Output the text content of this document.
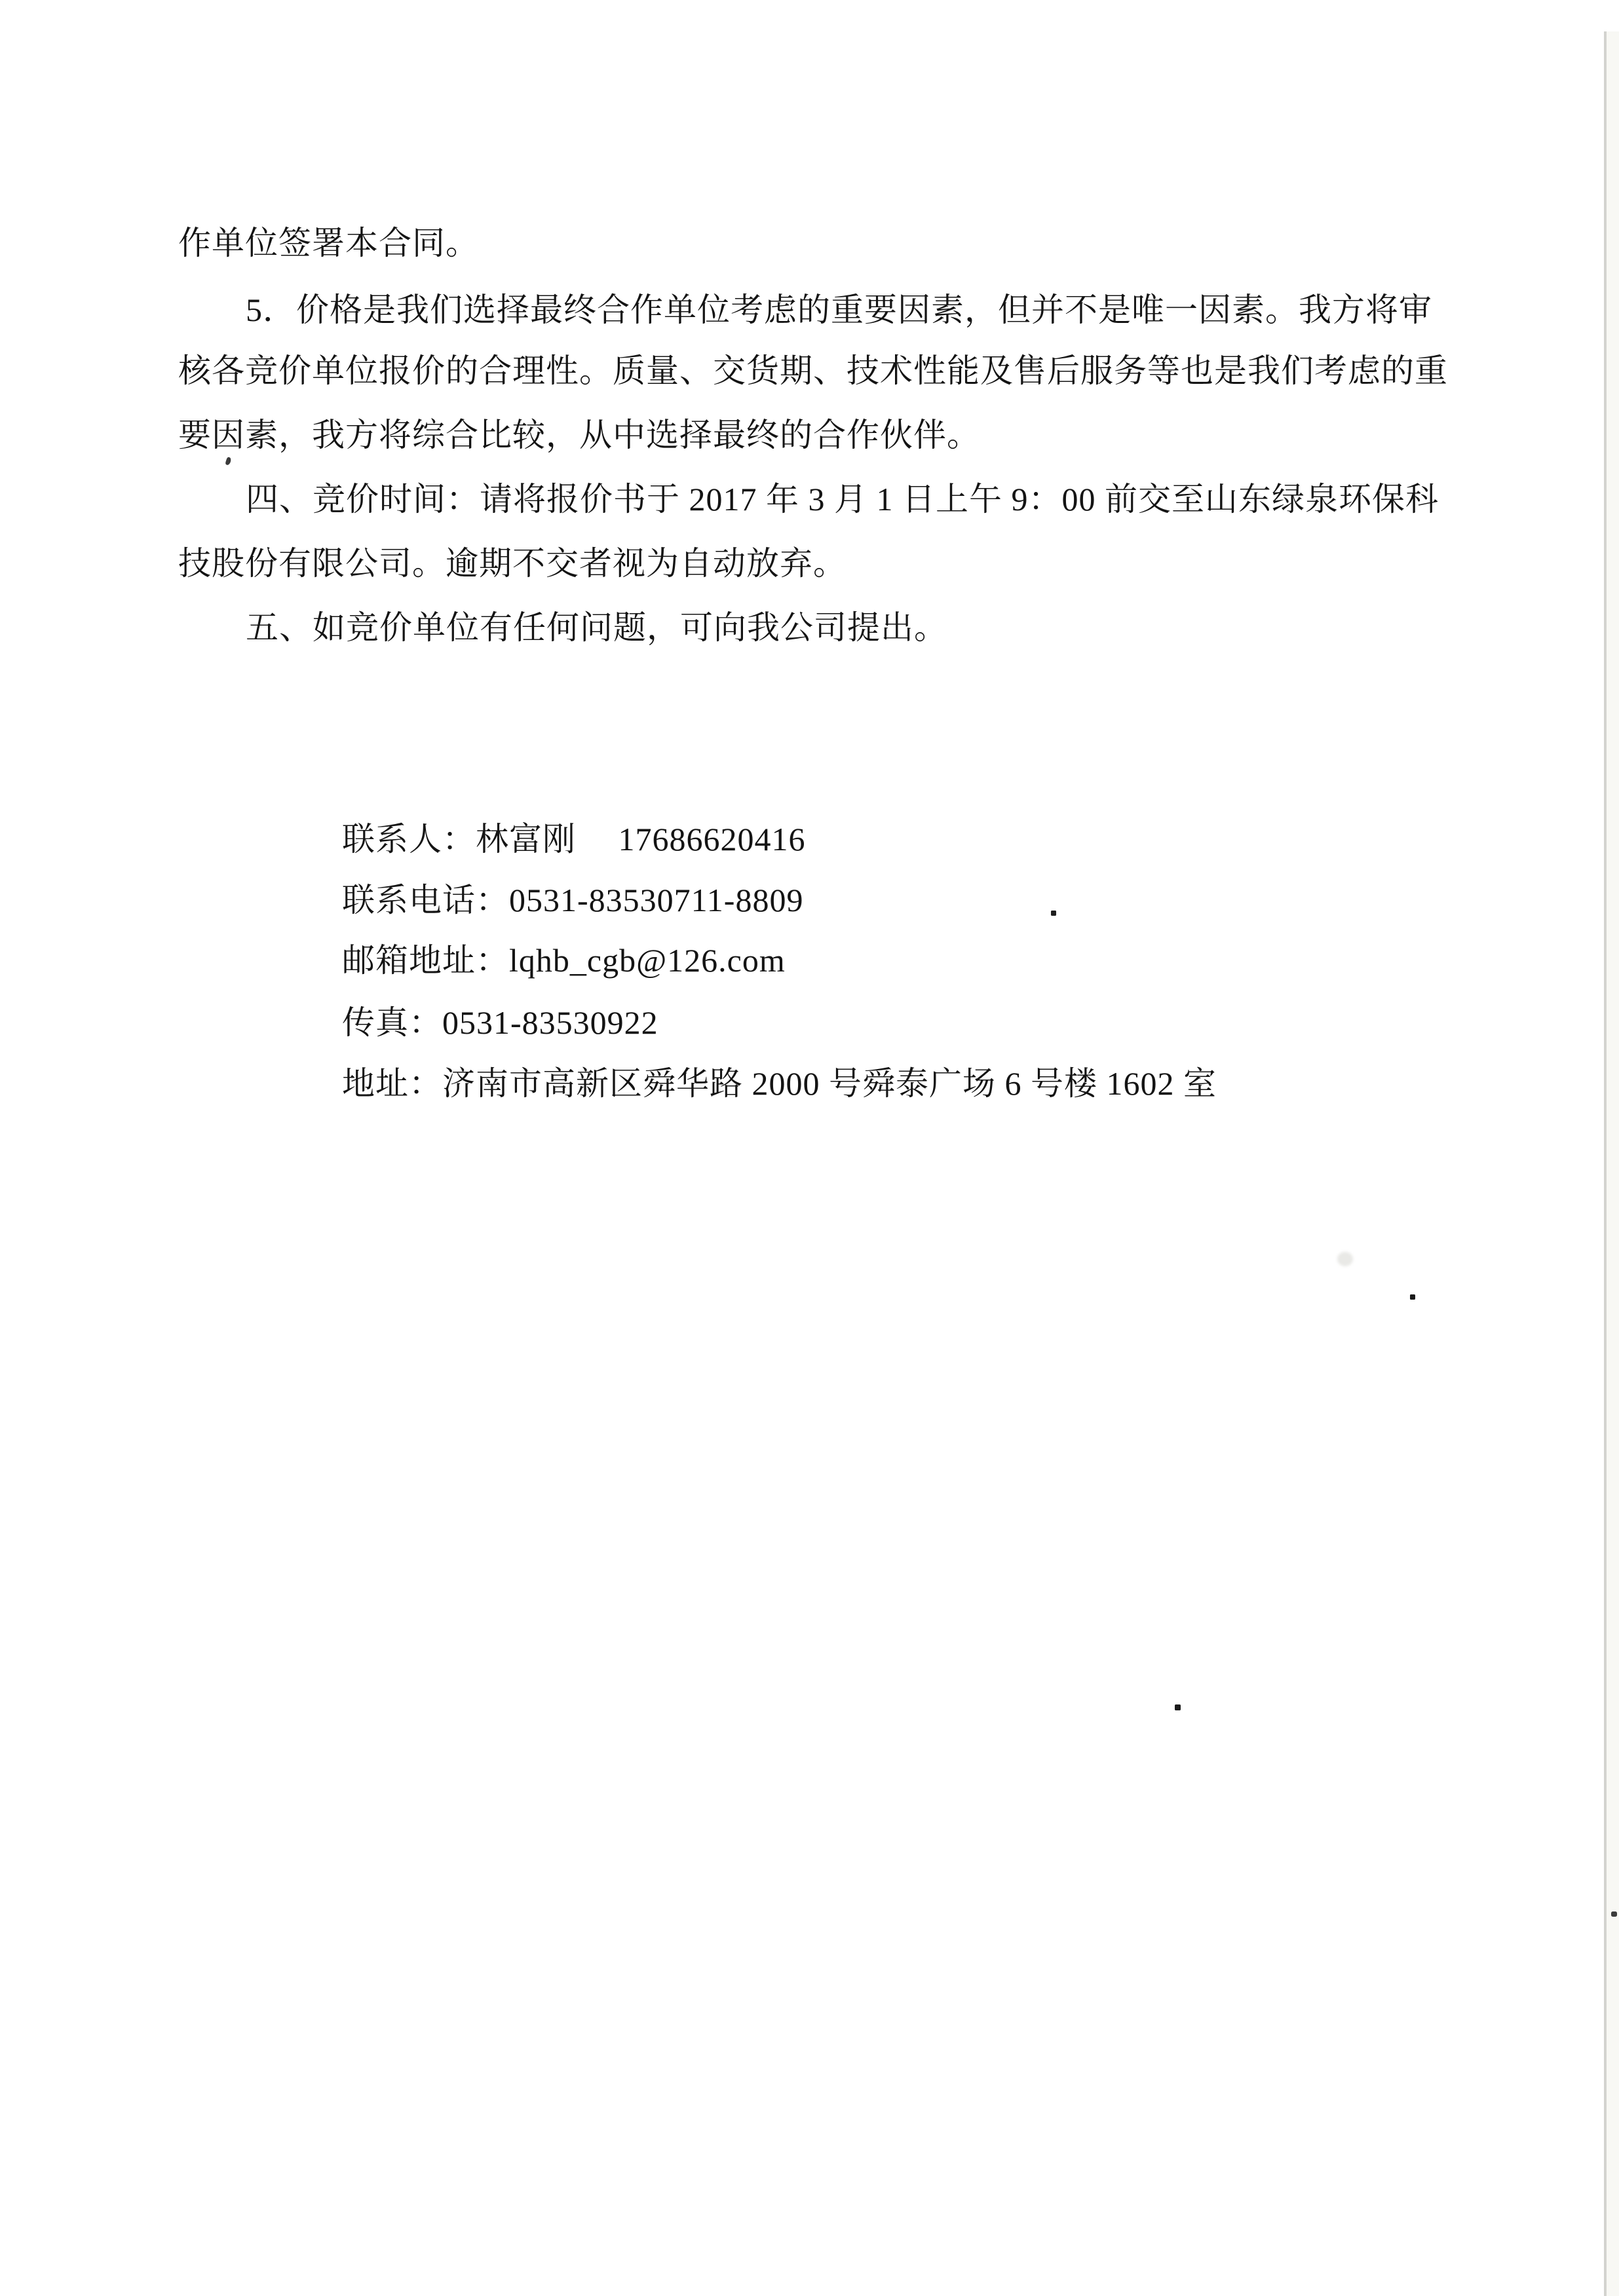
作单位签署本合同。
5．价格是我们选择最终合作单位考虑的重要因素，但并不是唯一因素。我方将审
核各竞价单位报价的合理性。质量、交货期、技术性能及售后服务等也是我们考虑的重
要因素，我方将综合比较，从中选择最终的合作伙伴。
四、竞价时间：请将报价书于 2017 年 3 月 1 日上午 9：00 前交至山东绿泉环保科
技股份有限公司。逾期不交者视为自动放弃。
五、如竞价单位有任何问题，可向我公司提出。

联系人：林富刚　 17686620416

联系电话：0531-83530711-8809

邮箱地址：lqhb_cgb@126.com

传真：0531-83530922

地址：济南市高新区舜华路 2000 号舜泰广场 6 号楼 1602 室
